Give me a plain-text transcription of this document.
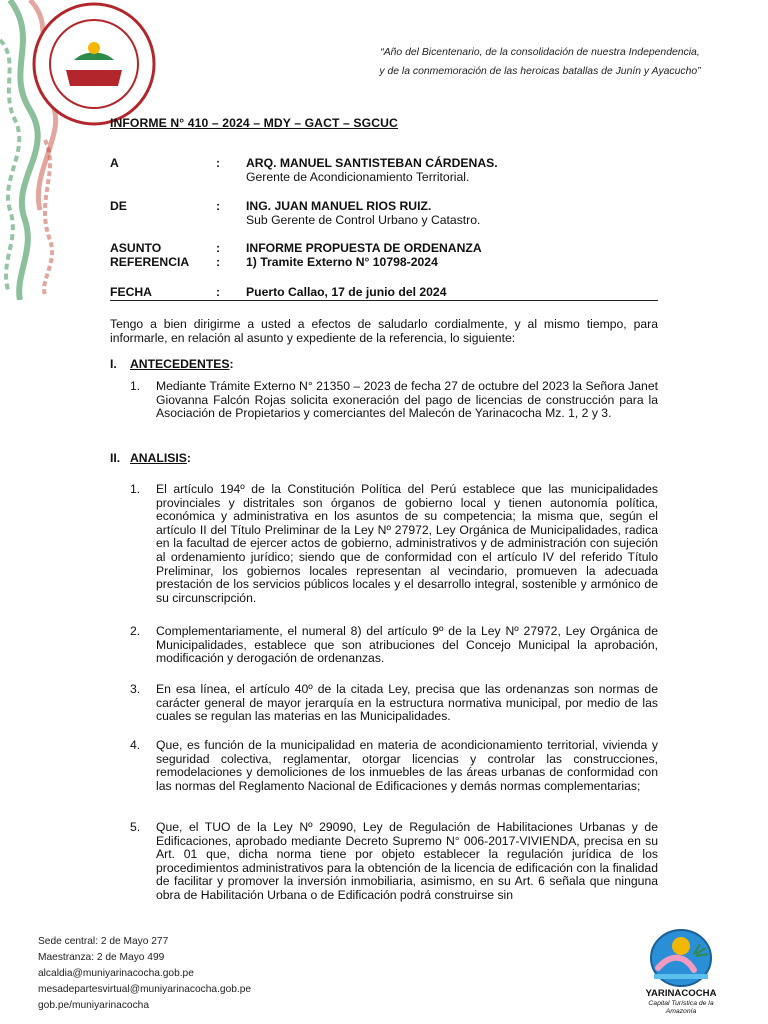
“Año del Bicentenario, de la consolidación de nuestra Independencia,
y de la conmemoración de las heroicas batallas de Junín y Ayacucho”
INFORME N° 410 – 2024 – MDY – GACT – SGCUC
A	: ARQ. MANUEL SANTISTEBAN CÁRDENAS.
Gerente de Acondicionamiento Territorial.
DE	: ING. JUAN MANUEL RIOS RUIZ.
Sub Gerente de Control Urbano y Catastro.
ASUNTO	: INFORME PROPUESTA DE ORDENANZA
REFERENCIA : 1) Tramite Externo N° 10798-2024
FECHA	: Puerto Callao, 17 de junio del 2024
Tengo a bien dirigirme a usted a efectos de saludarlo cordialmente, y al mismo tiempo, para informarle, en relación al asunto y expediente de la referencia, lo siguiente:
I. ANTECEDENTES:
1. Mediante Trámite Externo N° 21350 – 2023 de fecha 27 de octubre del 2023 la Señora Janet Giovanna Falcón Rojas solicita exoneración del pago de licencias de construcción para la Asociación de Propietarios y comerciantes del Malecón de Yarinacocha Mz. 1, 2 y 3.
II. ANALISIS:
1. El artículo 194º de la Constitución Política del Perú establece que las municipalidades provinciales y distritales son órganos de gobierno local y tienen autonomía política, económica y administrativa en los asuntos de su competencia; la misma que, según el artículo II del Título Preliminar de la Ley Nº 27972, Ley Orgánica de Municipalidades, radica en la facultad de ejercer actos de gobierno, administrativos y de administración con sujeción al ordenamiento jurídico; siendo que de conformidad con el artículo IV del referido Título Preliminar, los gobiernos locales representan al vecindario, promueven la adecuada prestación de los servicios públicos locales y el desarrollo integral, sostenible y armónico de su circunscripción.
2. Complementariamente, el numeral 8) del artículo 9º de la Ley Nº 27972, Ley Orgánica de Municipalidades, establece que son atribuciones del Concejo Municipal la aprobación, modificación y derogación de ordenanzas.
3. En esa línea, el artículo 40º de la citada Ley, precisa que las ordenanzas son normas de carácter general de mayor jerarquía en la estructura normativa municipal, por medio de las cuales se regulan las materias en las Municipalidades.
4. Que, es función de la municipalidad en materia de acondicionamiento territorial, vivienda y seguridad colectiva, reglamentar, otorgar licencias y controlar las construcciones, remodelaciones y demoliciones de los inmuebles de las áreas urbanas de conformidad con las normas del Reglamento Nacional de Edificaciones y demás normas complementarias;
5. Que, el TUO de la Ley Nº 29090, Ley de Regulación de Habilitaciones Urbanas y de Edificaciones, aprobado mediante Decreto Supremo N° 006-2017-VIVIENDA, precisa en su Art. 01 que, dicha norma tiene por objeto establecer la regulación jurídica de los procedimientos administrativos para la obtención de la licencia de edificación con la finalidad de facilitar y promover la inversión inmobiliaria, asimismo, en su Art. 6 señala que ninguna obra de Habilitación Urbana o de Edificación podrá construirse sin
Sede central: 2 de Mayo 277
Maestranza: 2 de Mayo 499
alcaldia@muniyarinacocha.gob.pe
mesadepartesvirtual@muniyarinacocha.gob.pe
gob.pe/muniyarinacocha
YARINACOCHA
Capital Turística de la Amazonía
